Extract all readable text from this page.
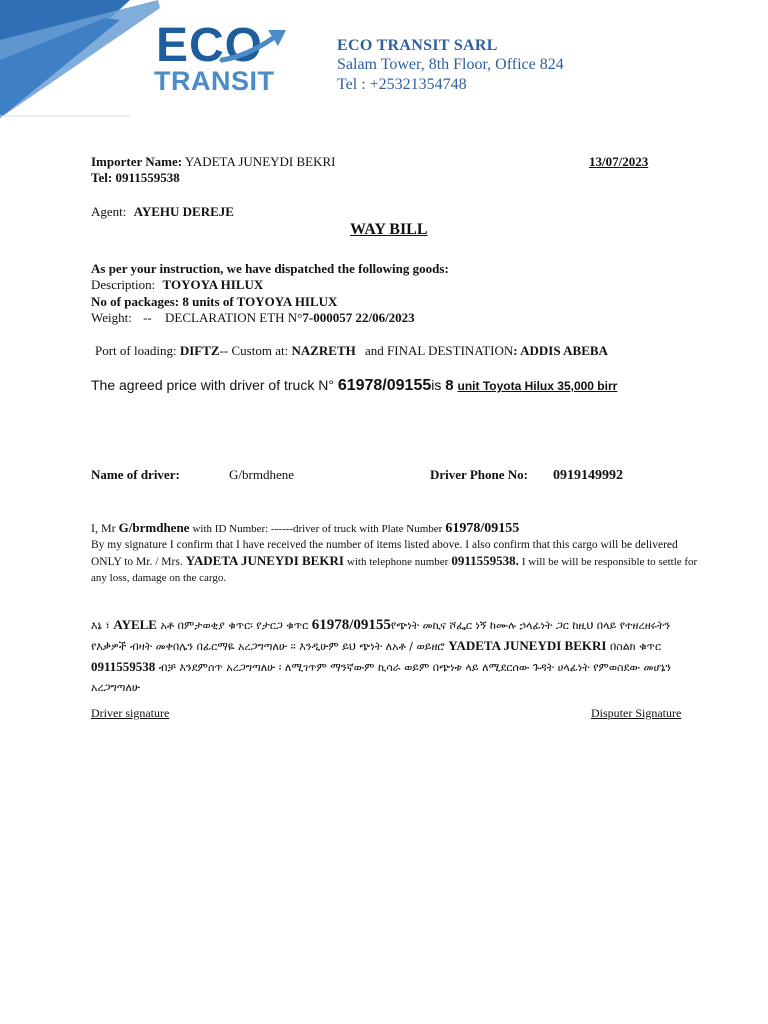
ECO
TRANSIT
ECO TRANSIT SARL
Salam Tower, 8th Floor, Office 824
Tel : +25321354748
Importer Name: YADETA JUNEYDI BEKRI	13/07/2023
Tel: 0911559538
Agent: AYEHU DEREJE
WAY BILL
As per your instruction, we have dispatched the following goods:
Description: TOYOYA HILUX
No of packages: 8 units of TOYOYA HILUX
Weight: -- DECLARATION ETH N°7-000057 22/06/2023
Port of loading: DIFTZ-- Custom at: NAZRETH and FINAL DESTINATION: ADDIS ABEBA
The agreed price with driver of truck N° 61978/09155is 8 unit Toyota Hilux 35,000 birr
Name of driver:	G/brmdhene	Driver Phone No: 0919149992
I, Mr G/brmdhene with ID Number: ------driver of truck with Plate Number 61978/09155
By my signature I confirm that I have received the number of items listed above. I also confirm that this cargo will be delivered ONLY to Mr. / Mrs. YADETA JUNEYDI BEKRI with telephone number 0911559538. I will be will be responsible to settle for any loss, damage on the cargo.
እኔ ፣ AYELE አቶ በምታወቂያ ቁጥር፡ የታርጋ ቁጥር 61978/09155የጭነት መኪና ሾፌር ነኝ ከሙሉ ኃላፊነት ጋር ከዚህ በላይ የተዘረዘሩትን የእቃዎች ብዛት መቀበሌን በፊርማዬ አረጋግጣለሁ ፡፡ እንዲሁም ይህ ጭነት ለአቶ / ወይዘሮ YADETA JUNEYDI BEKRI በስልክ ቁጥር 0911559538 ብቻ እንደምሰጥ አረጋግጣለሁ ፡ ለሚገጥም ማንኛውም ኪሳራ ወይም በጭነቱ ላይ ለሚደርሰው ጉዳት ሀላፊነት የምወስደው መሆኔን አረጋግጣለሁ
Driver signature	Disputer Signature
